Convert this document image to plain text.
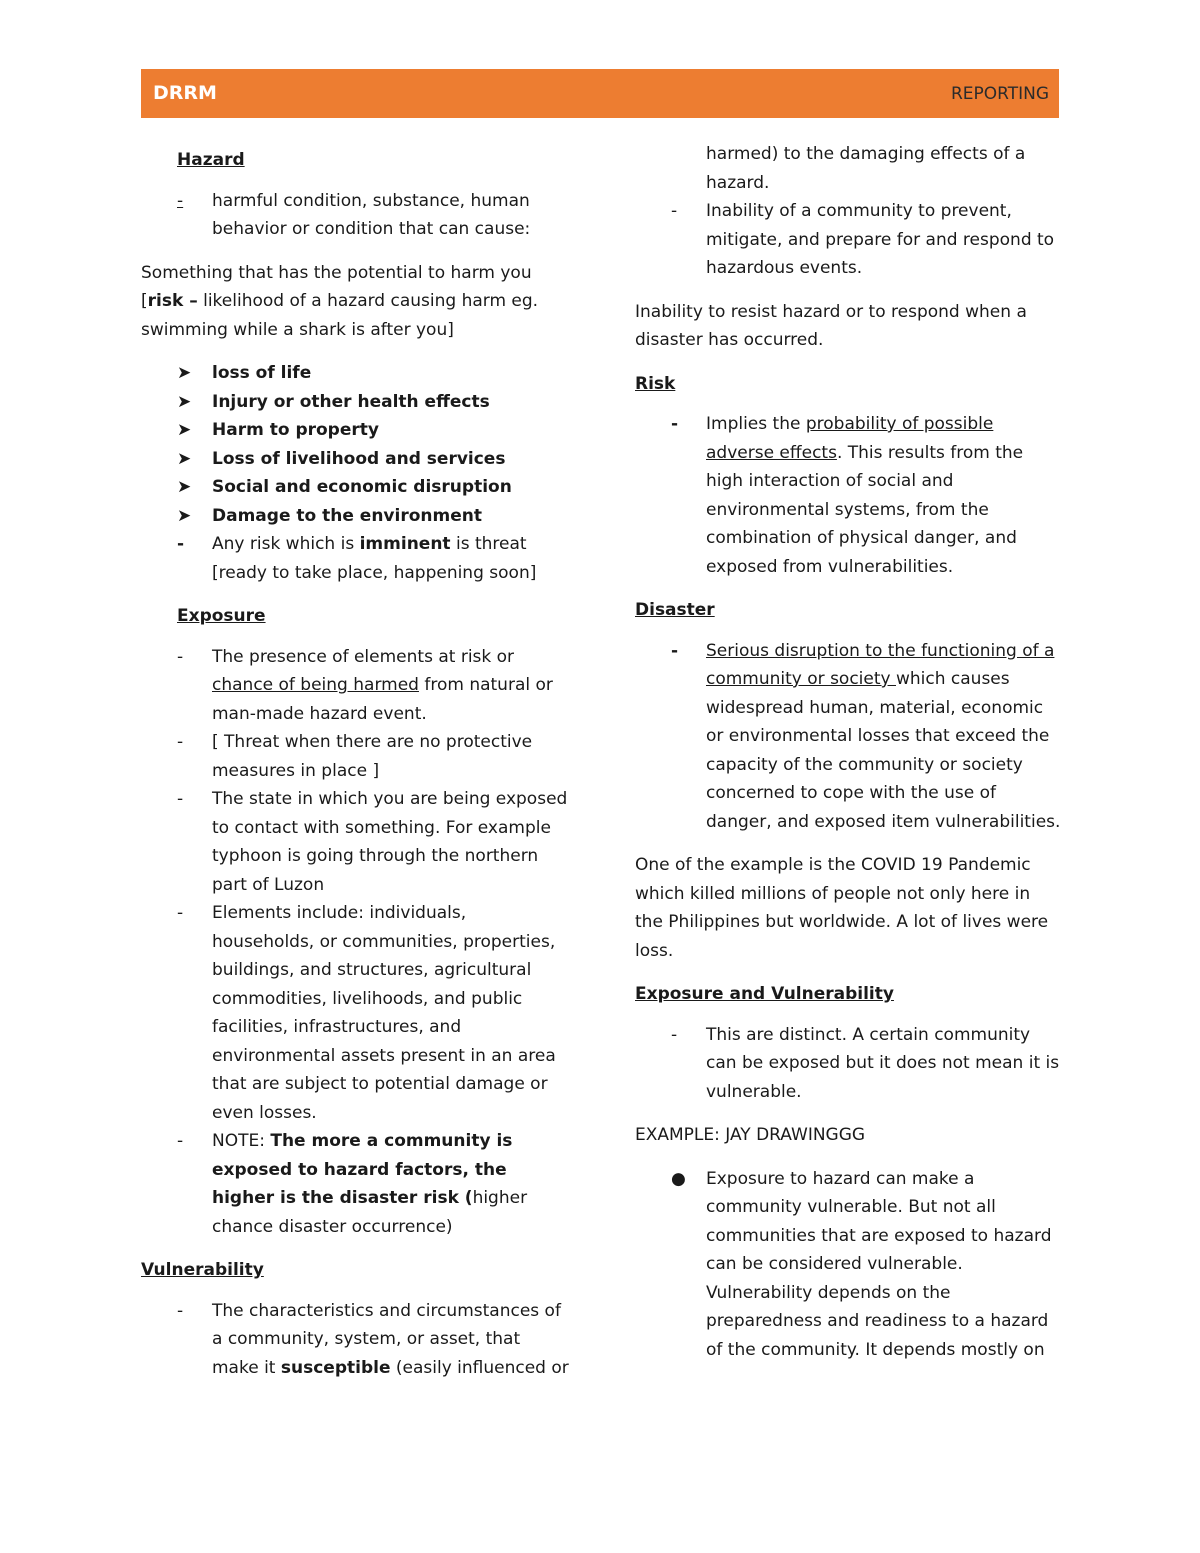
DRRM	REPORTING
Hazard
- harmful condition, substance, human behavior or condition that can cause:
Something that has the potential to harm you [risk – likelihood of a hazard causing harm eg. swimming while a shark is after you]
➤ loss of life
➤ Injury or other health effects
➤ Harm to property
➤ Loss of livelihood and services
➤ Social and economic disruption
➤ Damage to the environment
- Any risk which is imminent is threat [ready to take place, happening soon]
Exposure
- The presence of elements at risk or chance of being harmed from natural or man-made hazard event.
- [ Threat when there are no protective measures in place ]
- The state in which you are being exposed to contact with something. For example typhoon is going through the northern part of Luzon
- Elements include: individuals, households, or communities, properties, buildings, and structures, agricultural commodities, livelihoods, and public facilities, infrastructures, and environmental assets present in an area that are subject to potential damage or even losses.
- NOTE: The more a community is exposed to hazard factors, the higher is the disaster risk (higher chance disaster occurrence)
Vulnerability
- The characteristics and circumstances of a community, system, or asset, that make it susceptible (easily influenced or
harmed) to the damaging effects of a hazard.
- Inability of a community to prevent, mitigate, and prepare for and respond to hazardous events.
Inability to resist hazard or to respond when a disaster has occurred.
Risk
- Implies the probability of possible adverse effects. This results from the high interaction of social and environmental systems, from the combination of physical danger, and exposed from vulnerabilities.
Disaster
- Serious disruption to the functioning of a community or society which causes widespread human, material, economic or environmental losses that exceed the capacity of the community or society concerned to cope with the use of danger, and exposed item vulnerabilities.
One of the example is the COVID 19 Pandemic which killed millions of people not only here in the Philippines but worldwide. A lot of lives were loss.
Exposure and Vulnerability
- This are distinct. A certain community can be exposed but it does not mean it is vulnerable.
EXAMPLE: JAY DRAWINGGG
● Exposure to hazard can make a community vulnerable. But not all communities that are exposed to hazard can be considered vulnerable. Vulnerability depends on the preparedness and readiness to a hazard of the community. It depends mostly on
